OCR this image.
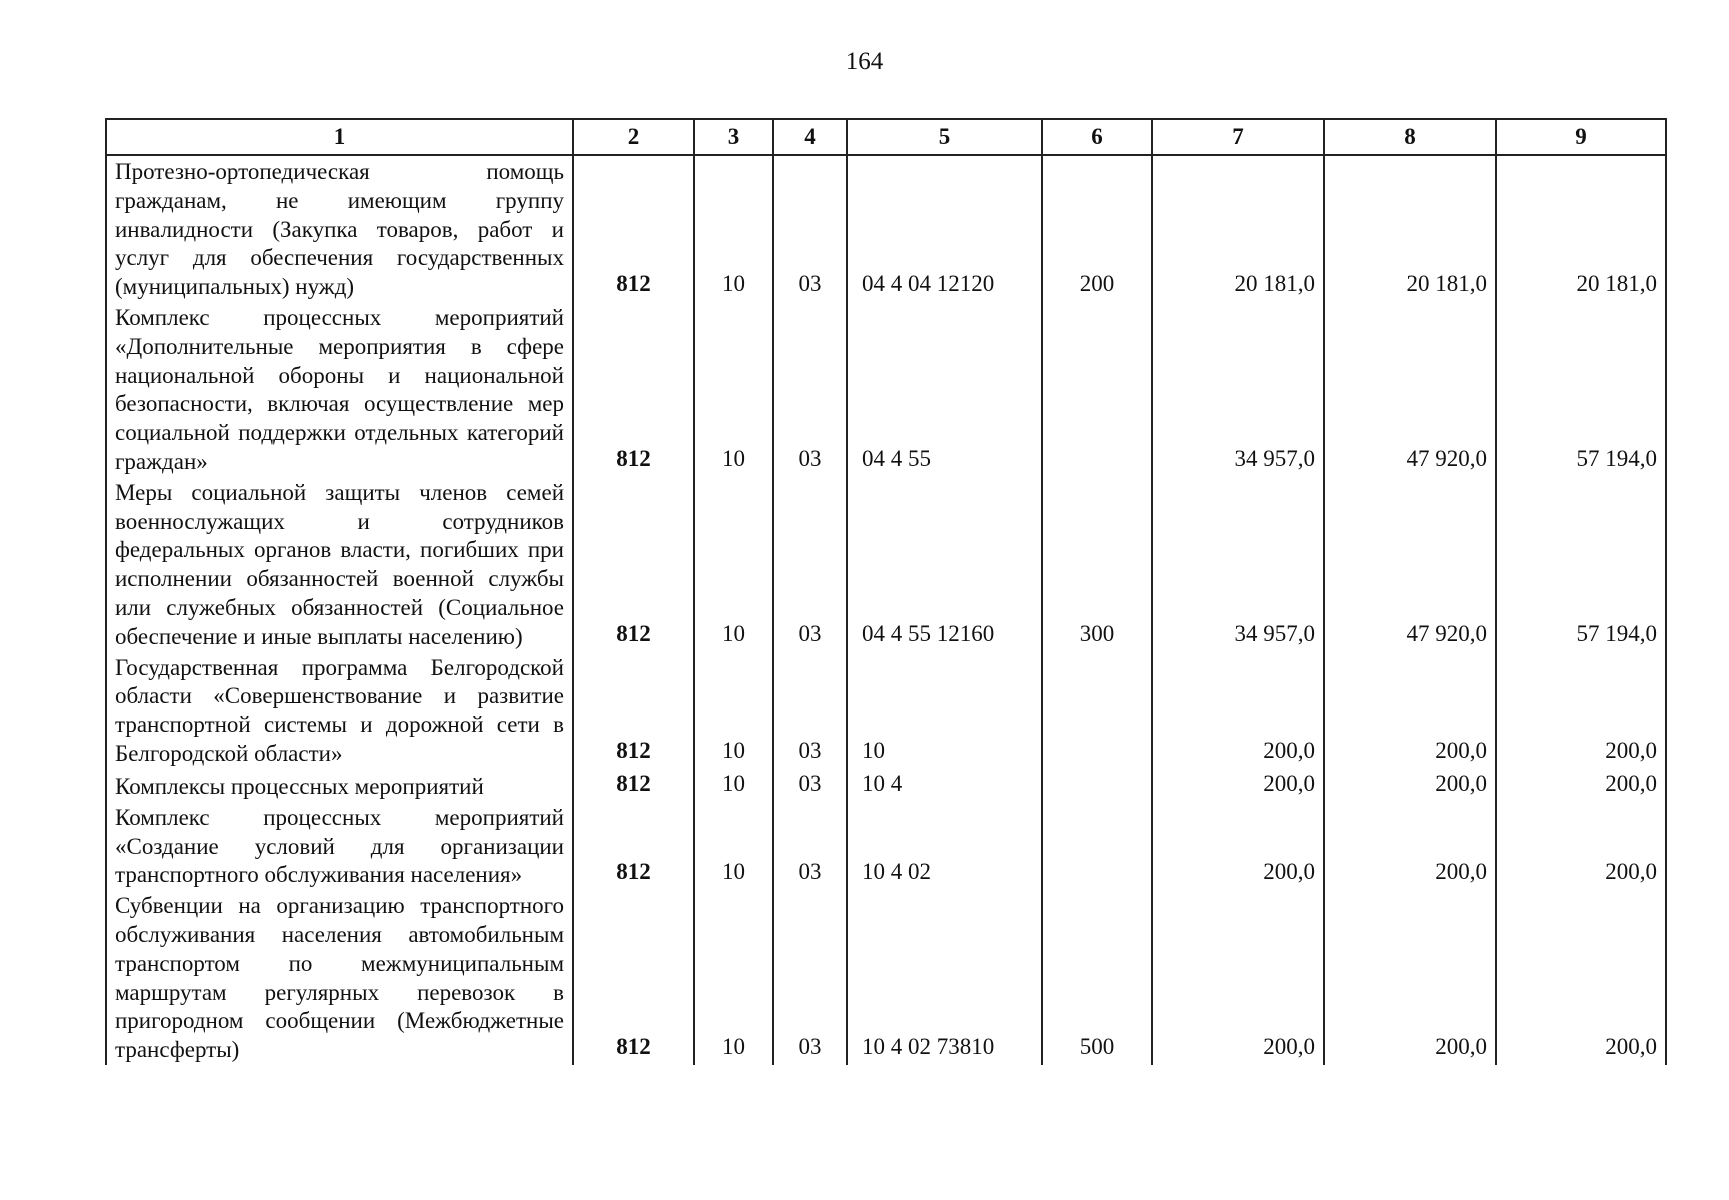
164
1	2	3	4	5	6	7	8	9
Протезно-ортопедическая помощь гражданам, не имеющим группу инвалидности (Закупка товаров, работ и услуг для обеспечения государственных (муниципальных) нужд)	812	10	03	04 4 04 12120	200	20 181,0	20 181,0	20 181,0
Комплекс процессных мероприятий «Дополнительные мероприятия в сфере национальной обороны и национальной безопасности, включая осуществление мер социальной поддержки отдельных категорий граждан»	812	10	03	04 4 55		34 957,0	47 920,0	57 194,0
Меры социальной защиты членов семей военнослужащих и сотрудников федеральных органов власти, погибших при исполнении обязанностей военной службы или служебных обязанностей (Социальное обеспечение и иные выплаты населению)	812	10	03	04 4 55 12160	300	34 957,0	47 920,0	57 194,0
Государственная программа Белгородской области «Совершенствование и развитие транспортной системы и дорожной сети в Белгородской области»	812	10	03	10		200,0	200,0	200,0
Комплексы процессных мероприятий	812	10	03	10 4		200,0	200,0	200,0
Комплекс процессных мероприятий «Создание условий для организации транспортного обслуживания населения»	812	10	03	10 4 02		200,0	200,0	200,0
Субвенции на организацию транспортного обслуживания населения автомобильным транспортом по межмуниципальным маршрутам регулярных перевозок в пригородном сообщении (Межбюджетные трансферты)	812	10	03	10 4 02 73810	500	200,0	200,0	200,0
